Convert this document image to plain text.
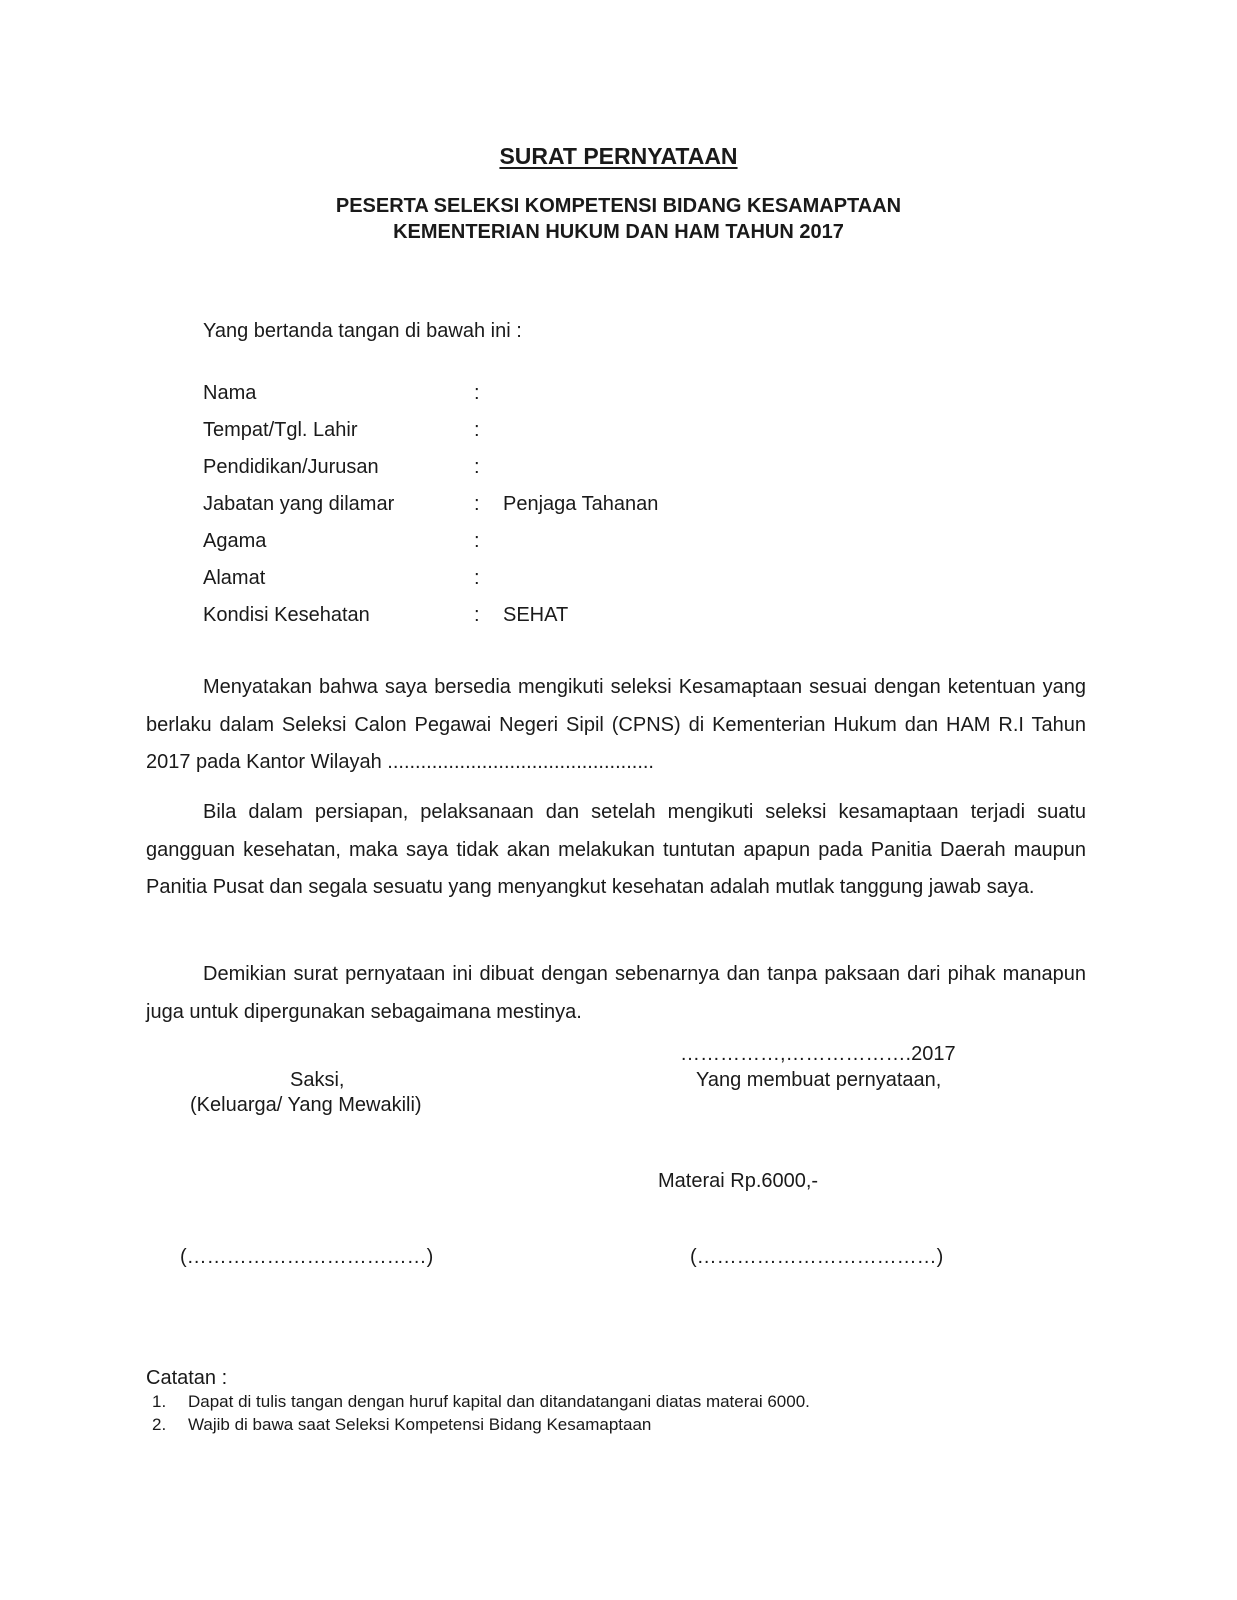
SURAT PERNYATAAN
PESERTA SELEKSI KOMPETENSI BIDANG KESAMAPTAAN
KEMENTERIAN HUKUM DAN HAM TAHUN 2017
Yang bertanda tangan di bawah ini :
Nama	:
Tempat/Tgl. Lahir	:
Pendidikan/Jurusan	:
Jabatan yang dilamar	: Penjaga Tahanan
Agama	:
Alamat	:
Kondisi Kesehatan	: SEHAT

Menyatakan bahwa saya bersedia mengikuti seleksi Kesamaptaan sesuai dengan ketentuan yang berlaku dalam Seleksi Calon Pegawai Negeri Sipil (CPNS) di Kementerian Hukum dan HAM R.I Tahun 2017 pada Kantor Wilayah ................................................

Bila dalam persiapan, pelaksanaan dan setelah mengikuti seleksi kesamaptaan terjadi suatu gangguan kesehatan, maka saya tidak akan melakukan tuntutan apapun pada Panitia Daerah maupun Panitia Pusat dan segala sesuatu yang menyangkut kesehatan adalah mutlak tanggung jawab saya.

Demikian surat pernyataan ini dibuat dengan sebenarnya dan tanpa paksaan dari pihak manapun juga untuk dipergunakan sebagaimana mestinya.

……………,……………….2017
Yang membuat pernyataan,
Saksi,
(Keluarga/ Yang Mewakili)
Materai Rp.6000,-
(………………………………)	(………………………………)
Catatan :
1. Dapat di tulis tangan dengan huruf kapital dan ditandatangani diatas materai 6000.
2. Wajib di bawa saat Seleksi Kompetensi Bidang Kesamaptaan
